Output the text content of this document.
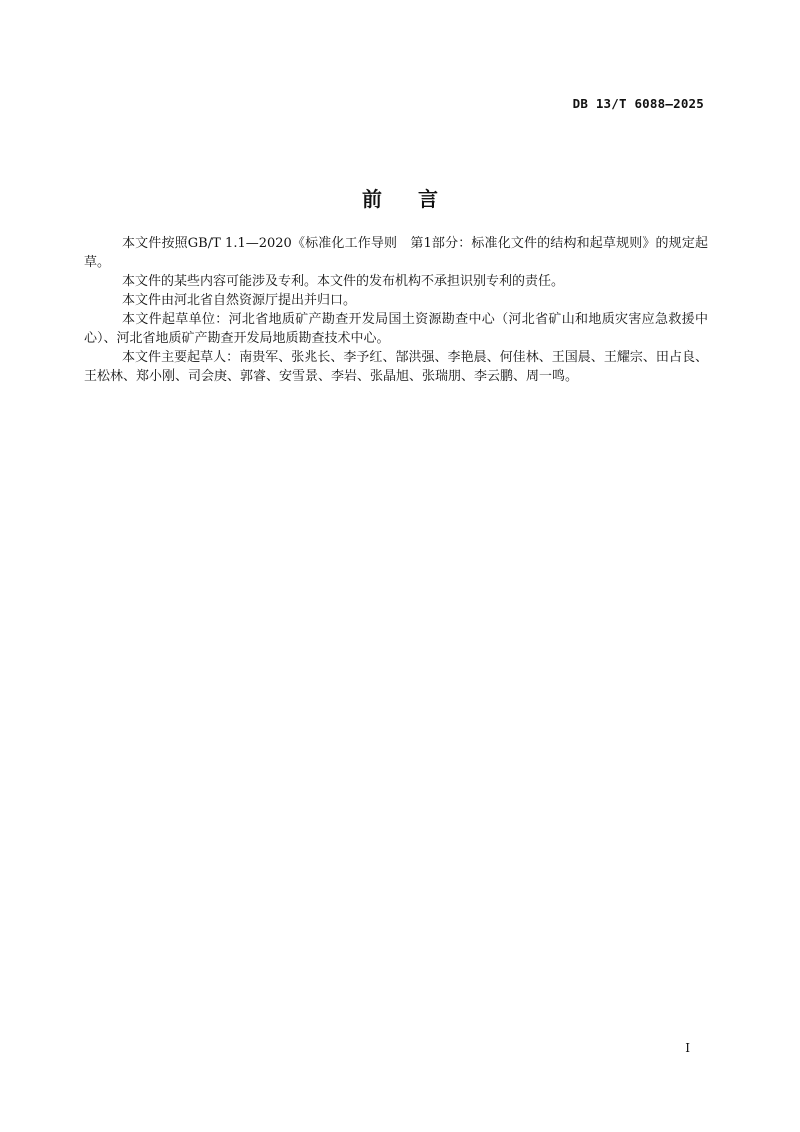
DB 13/T 6088—2025
前 言

本文件按照GB/T 1.1—2020《标准化工作导则　第1部分：标准化文件的结构和起草规则》的规定起草。

本文件的某些内容可能涉及专利。本文件的发布机构不承担识别专利的责任。

本文件由河北省自然资源厅提出并归口。

本文件起草单位：河北省地质矿产勘查开发局国土资源勘查中心（河北省矿山和地质灾害应急救援中心）、河北省地质矿产勘查开发局地质勘查技术中心。

本文件主要起草人：南贵军、张兆长、李予红、郜洪强、李艳晨、何佳林、王国晨、王耀宗、田占良、王松林、郑小刚、司会庚、郭睿、安雪景、李岩、张晶旭、张瑞朋、李云鹏、周一鸣。

I
